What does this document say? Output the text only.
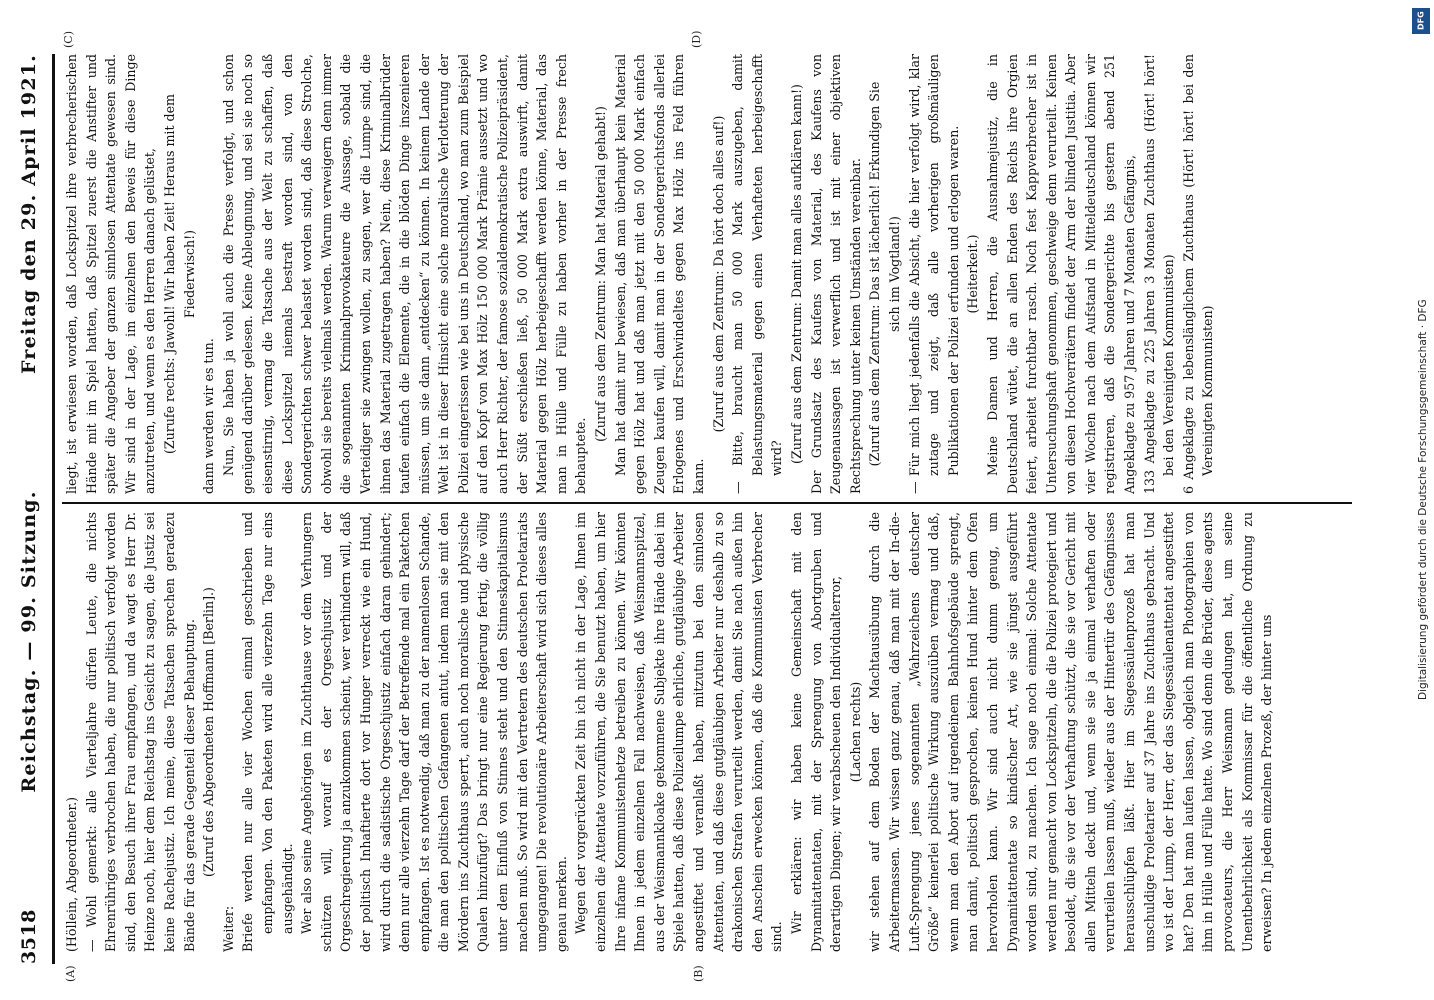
3518
Reichstag. — 99. Sitzung.
Freitag den 29. April 1921.
(A)	(B)
(C)	(D)

(Höllein, Abgeordneter.) — Wohl gemerkt: alle Vierteljahre dürfen Leute, die nichts Ehrenrühriges verbrochen haben, die nur politisch verfolgt worden sind, den Besuch ihrer Frau empfangen, und da wagt es Herr Dr. Heinze noch, hier dem Reichstag ins Gesicht zu sagen, die Justiz sei keine Rachejustiz. Ich meine, diese Tatsachen sprechen geradezu Bände für das gerade Gegenteil dieser Behauptung. (Zuruf des Abgeordneten Hoffmann [Berlin].)

Weiter: Briefe werden nur alle vier Wochen einmal geschrieben und empfangen. Von den Paketen wird alle vierzehn Tage nur eins ausgehändigt. Wer also seine Angehörigen im Zuchthause vor dem Verhungern schützen will, worauf es der Orgeschjustiz und der Orgeschregierung ja anzukommen scheint, wer verhindern will, daß der politisch Inhaftierte dort vor Hunger verreckt wie ein Hund, wird durch die sadistische Orgeschjustiz einfach daran gehindert; denn nur alle vierzehn Tage darf der Betreffende mal ein Paketchen empfangen. Ist es notwendig, daß man zu der namenlosen Schande, die man den politischen Gefangenen antut, indem man sie mit den Mördern ins Zuchthaus sperrt, auch noch moralische und physische Qualen hinzufügt? Das bringt nur eine Regierung fertig, die völlig unter dem Einfluß von Stinnes steht und den Stinneskapitalismus machen muß. So wird mit den Vertretern des deutschen Proletariats umgegangen! Die revolutionäre Arbeiterschaft wird sich dieses alles genau merken. Wegen der vorgerückten Zeit bin ich nicht in der Lage, Ihnen im einzelnen die Attentate vorzuführen, die Sie benutzt haben, um hier Ihre infame Kommunistenhetze betreiben zu können. Wir könnten Ihnen in jedem einzelnen Fall nachweisen, daß Weismannspitzel, aus der Weismannkloake gekommene Subjekte ihre Hände dabei im Spiele hatten, daß diese Polizeilumpe ehrliche, gutgläubige Arbeiter angestiftet und veranlaßt haben, mitzutun bei den sinnlosen Attentaten, und daß diese gutgläubigen Arbeiter nur deshalb zu so drakonischen Strafen verurteilt werden, damit Sie nach außen hin den Anschein erwecken können, daß die Kommunisten Verbrecher sind.

Wir erklären: wir haben keine Gemeinschaft mit den Dynamitattentaten, mit der Sprengung von Abortgruben und derartigen Dingen; wir verabscheuen den Individualterror, (Lachen rechts) wir stehen auf dem Boden der Machtausübung durch die Arbeitermassen. Wir wissen ganz genau, daß man mit der In-die-Luft-Sprengung jenes sogenannten „Wahrzeichens deutscher Größe“ keinerlei politische Wirkung auszuüben vermag und daß, wenn man den Abort auf irgendeinem Bahnhofsgebäude sprengt, man damit, politisch gesprochen, keinen Hund hinter dem Ofen hervorholen kann. Wir sind auch nicht dumm genug, um Dynamitattentate so kindischer Art, wie sie jüngst ausgeführt worden sind, zu machen. Ich sage noch einmal: Solche Attentate werden nur gemacht von Lockspitzeln, die die Polizei protegiert und besoldet, die sie vor der Verhaftung schützt, die sie vor Gericht mit allen Mitteln deckt und, wenn sie sie ja einmal verhaften oder verurteilen lassen muß, wieder aus der Hintertür des Gefängnisses herausschlüpfen läßt. Hier im Siegessäulenprozeß hat man unschuldige Proletarier auf 37 Jahre ins Zuchthaus gebracht. Und wo ist der Lump, der Herr, der das Siegessäulenattentat angestiftet hat? Den hat man laufen lassen, obgleich man Photographien von ihm in Hülle und Fülle hatte. Wo sind denn die Brüder, diese agents provocateurs, die Herr Weismann gedungen hat, um seine Unentbehrlichkeit als Kommissar für die öffentliche Ordnung zu erweisen? In jedem einzelnen Prozeß, der hinter uns

liegt, ist erwiesen worden, daß Lockspitzel ihre verbrecherischen Hände mit im Spiel hatten, daß Spitzel zuerst die Anstifter und später die Angeber der ganzen sinnlosen Attentate gewesen sind. Wir sind in der Lage, im einzelnen den Beweis für diese Dinge anzutreten, und wenn es den Herren danach gelüstet, (Zurufe rechts: Jawohl! Wir haben Zeit! Heraus mit dem Fiederwisch!)

dann werden wir es tun. Nun, Sie haben ja wohl auch die Presse verfolgt, und schon genügend darüber gelesen. Keine Ableugnung, und sei sie noch so eisenstirnig, vermag die Tatsache aus der Welt zu schaffen, daß diese Lockspitzel niemals bestraft worden sind, von den Sondergerichten schwer belastet worden sind, daß diese Strolche, obwohl sie bereits vielmals werden. Warum verweigern denn immer die sogenannten Kriminalprovokateure die Aussage, sobald die Verteidiger sie zwingen wollen, zu sagen, wer die Lumpe sind, die ihnen das Material zugetragen haben? Nein, diese Kriminalbrüder taufen einfach die Elemente, die in die blöden Dinge inszenieren müssen, um sie dann „entdecken“ zu können. In keinem Lande der Welt ist in dieser Hinsicht eine solche moralische Verlotterung der Polizei eingerissen wie bei uns in Deutschland, wo man zum Beispiel auf den Kopf von Max Hölz 150 000 Mark Prämie aussetzt und wo auch Herr Richter, der famose sozialdemokratische Polizeipräsident, der Süßt erschießen ließ, 50 000 Mark extra auswirft, damit Material gegen Hölz herbeigeschafft werden könne, Material, das man in Hülle und Fülle zu haben vorher in der Presse frech behauptete.

(Zuruf aus dem Zentrum: Man hat Material gehabt!) Man hat damit nur bewiesen, daß man überhaupt kein Material gegen Hölz hat und daß man jetzt mit den 50 000 Mark einfach Zeugen kaufen will, damit man in der Sondergerichtsfonds allerlei Erlogenes und Erschwindeltes gegen Max Hölz ins Feld führen kann.

(Zuruf aus dem Zentrum: Da hört doch alles auf!) — Bitte, braucht man 50 000 Mark auszugeben, damit Belastungsmaterial gegen einen Verhafteten herbeigeschafft wird? (Zuruf aus dem Zentrum: Damit man alles aufklären kann!) Der Grundsatz des Kaufens von Material, des Kaufens von Zeugenaussagen ist verwerflich und ist mit einer objektiven Rechtsprechung unter keinen Umständen vereinbar. (Zuruf aus dem Zentrum: Das ist lächerlich! Erkundigen Sie sich im Vogtland!) — Für mich liegt jedenfalls die Absicht, die hier verfolgt wird, klar zutage und zeigt, daß alle vorherigen großmäuligen Publikationen der Polizei erfunden und erlogen waren. (Heiterkeit.) Meine Damen und Herren, die Ausnahmejustiz, die in Deutschland wütet, die an allen Enden des Reichs ihre Orgien feiert, arbeitet furchtbar rasch. Noch fest Kappverbrecher ist in Untersuchungshaft genommen, geschweige denn verurteilt. Keinen von diesen Hochverrätern findet der Arm der blinden Justitia. Aber vier Wochen nach dem Aufstand in Mitteldeutschland können wir registrieren, daß die Sondergerichte bis gestern abend 251 Angeklagte zu 957 Jahren und 7 Monaten Gefängnis, 133 Angeklagte zu 225 Jahren 3 Monaten Zuchthaus (Hört! hört! bei den Vereinigten Kommunisten) 6 Angeklagte zu lebenslänglichem Zuchthaus (Hört! hört! bei den Vereinigten Kommunisten)

DFG
Digitalisierung gefördert durch die Deutsche Forschungsgemeinschaft · DFG
